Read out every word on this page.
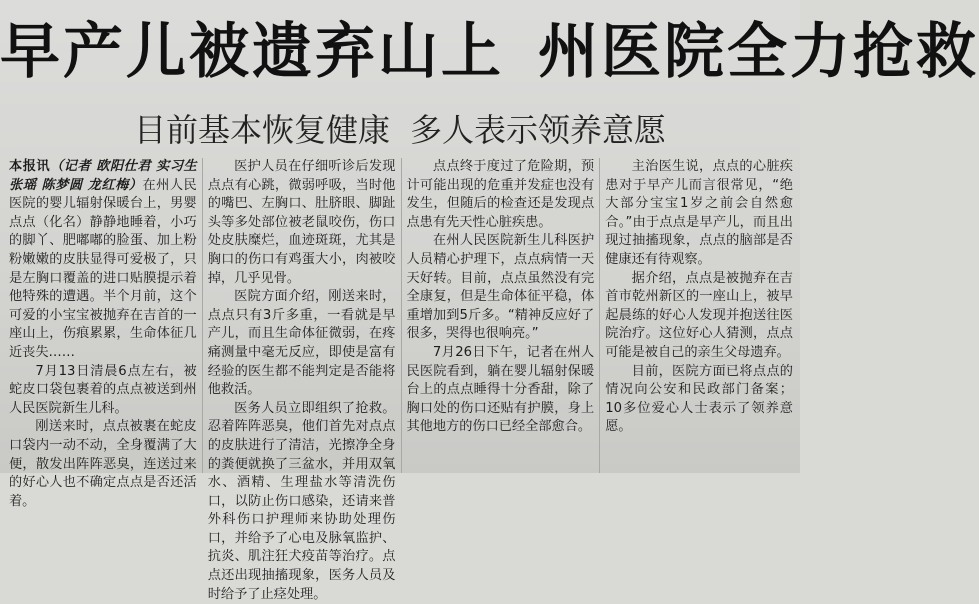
早产儿被遗弃山上 州医院全力抢救
目前基本恢复健康 多人表示领养意愿

本报讯（记者 欧阳仕君 实习生 张瑶 陈梦圆 龙红梅）在州人民医院的婴儿辐射保暖台上，男婴点点（化名）静静地睡着，小巧的脚丫、肥嘟嘟的脸蛋、加上粉粉嫩嫩的皮肤显得可爱极了，只是左胸口覆盖的进口贴膜提示着他特殊的遭遇。半个月前，这个可爱的小宝宝被抛弃在吉首的一座山上，伤痕累累，生命体征几近丧失……

7月13日清晨6点左右，被蛇皮口袋包裹着的点点被送到州人民医院新生儿科。

刚送来时，点点被裹在蛇皮口袋内一动不动，全身覆满了大便，散发出阵阵恶臭，连送过来的好心人也不确定点点是否还活着。

医护人员在仔细听诊后发现点点有心跳，微弱呼吸，当时他的嘴巴、左胸口、肚脐眼、脚趾头等多处部位被老鼠咬伤，伤口处皮肤糜烂，血迹斑斑，尤其是胸口的伤口有鸡蛋大小，肉被咬掉，几乎见骨。

医院方面介绍，刚送来时，点点只有3斤多重，一看就是早产儿，而且生命体征微弱，在疼痛测量中毫无反应，即使是富有经验的医生都不能判定是否能将他救活。

医务人员立即组织了抢救。忍着阵阵恶臭，他们首先对点点的皮肤进行了清洁，光擦净全身的粪便就换了三盆水，并用双氧水、酒精、生理盐水等清洗伤口，以防止伤口感染，还请来普外科伤口护理师来协助处理伤口，并给予了心电及脉氧监护、抗炎、肌注狂犬疫苗等治疗。点点还出现抽搐现象，医务人员及时给予了止痉处理。

点点终于度过了危险期，预计可能出现的危重并发症也没有发生，但随后的检查还是发现点点患有先天性心脏疾患。

在州人民医院新生儿科医护人员精心护理下，点点病情一天天好转。目前，点点虽然没有完全康复，但是生命体征平稳，体重增加到5斤多。“精神反应好了很多，哭得也很响亮。”

7月26日下午，记者在州人民医院看到，躺在婴儿辐射保暖台上的点点睡得十分香甜，除了胸口处的伤口还贴有护膜，身上其他地方的伤口已经全部愈合。

主治医生说，点点的心脏疾患对于早产儿而言很常见，“绝大部分宝宝1岁之前会自然愈合。”由于点点是早产儿，而且出现过抽搐现象，点点的脑部是否健康还有待观察。

据介绍，点点是被抛弃在吉首市乾州新区的一座山上，被早起晨练的好心人发现并抱送往医院治疗。这位好心人猜测，点点可能是被自己的亲生父母遗弃。

目前，医院方面已将点点的情况向公安和民政部门备案；10多位爱心人士表示了领养意愿。
